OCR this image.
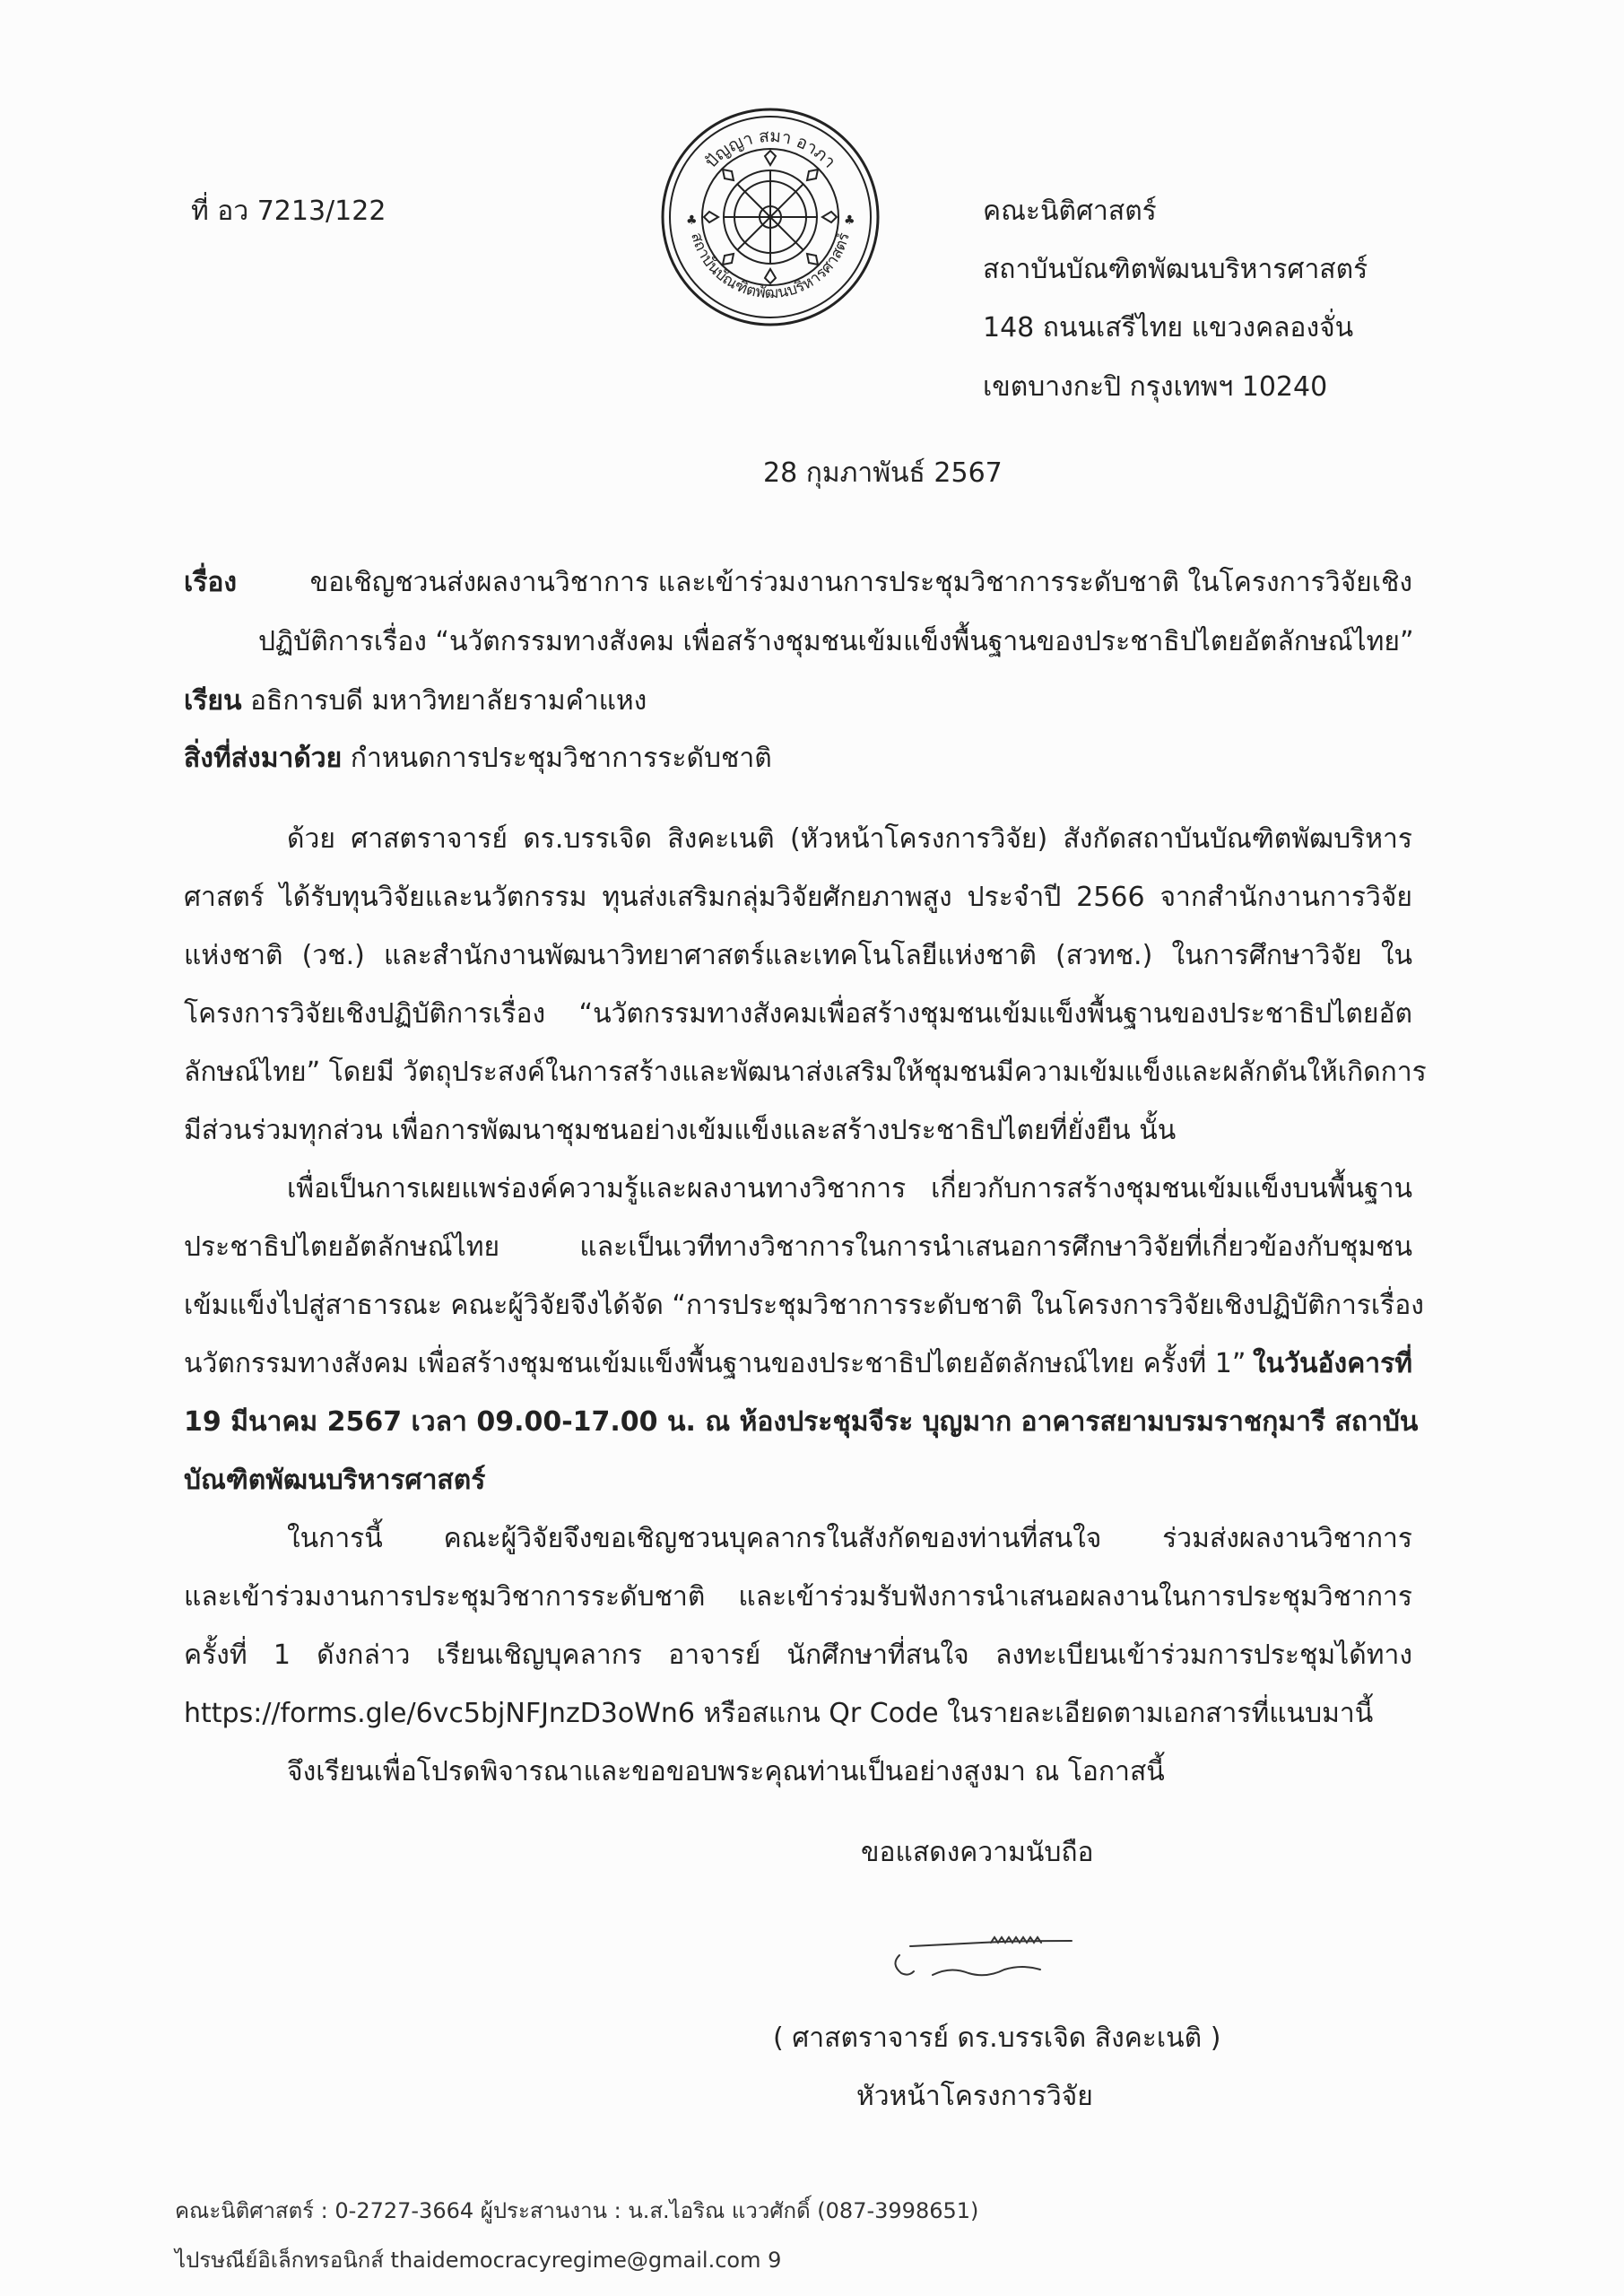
ที่ อว 7213/122
ปัญญา สมา อาภา
สถาบันบัณฑิตพัฒนบริหารศาสตร์
♣	♣	คณะนิติศาสตร์
สถาบันบัณฑิตพัฒนบริหารศาสตร์
148 ถนนเสรีไทย แขวงคลองจั่น
เขตบางกะปิ กรุงเทพฯ 10240
28 กุมภาพันธ์ 2567
เรื่อง	ขอเชิญชวนส่งผลงานวิชาการ และเข้าร่วมงานการประชุมวิชาการระดับชาติ ในโครงการวิจัยเชิง
ปฏิบัติการเรื่อง “นวัตกรรมทางสังคม เพื่อสร้างชุมชนเข้มแข็งพื้นฐานของประชาธิปไตยอัตลักษณ์ไทย”
เรียน อธิการบดี มหาวิทยาลัยรามคำแหง
สิ่งที่ส่งมาด้วย กำหนดการประชุมวิชาการระดับชาติ
ด้วย ศาสตราจารย์ ดร.บรรเจิด สิงคะเนติ (หัวหน้าโครงการวิจัย) สังกัดสถาบันบัณฑิตพัฒบริหาร
ศาสตร์ ได้รับทุนวิจัยและนวัตกรรม ทุนส่งเสริมกลุ่มวิจัยศักยภาพสูง ประจำปี 2566 จากสำนักงานการวิจัย
แห่งชาติ (วช.) และสำนักงานพัฒนาวิทยาศาสตร์และเทคโนโลยีแห่งชาติ (สวทช.) ในการศึกษาวิจัย ใน
โครงการวิจัยเชิงปฏิบัติการเรื่อง “นวัตกรรมทางสังคมเพื่อสร้างชุมชนเข้มแข็งพื้นฐานของประชาธิปไตยอัต
ลักษณ์ไทย” โดยมี วัตถุประสงค์ในการสร้างและพัฒนาส่งเสริมให้ชุมชนมีความเข้มแข็งและผลักดันให้เกิดการ
มีส่วนร่วมทุกส่วน เพื่อการพัฒนาชุมชนอย่างเข้มแข็งและสร้างประชาธิปไตยที่ยั่งยืน นั้น
เพื่อเป็นการเผยแพร่องค์ความรู้และผลงานทางวิชาการ เกี่ยวกับการสร้างชุมชนเข้มแข็งบนพื้นฐาน
ประชาธิปไตยอัตลักษณ์ไทย และเป็นเวทีทางวิชาการในการนำเสนอการศึกษาวิจัยที่เกี่ยวข้องกับชุมชน
เข้มแข็งไปสู่สาธารณะ คณะผู้วิจัยจึงได้จัด “การประชุมวิชาการระดับชาติ ในโครงการวิจัยเชิงปฏิบัติการเรื่อง
นวัตกรรมทางสังคม เพื่อสร้างชุมชนเข้มแข็งพื้นฐานของประชาธิปไตยอัตลักษณ์ไทย ครั้งที่ 1” ในวันอังคารที่
19 มีนาคม 2567 เวลา 09.00-17.00 น. ณ ห้องประชุมจีระ บุญมาก อาคารสยามบรมราชกุมารี สถาบัน
บัณฑิตพัฒนบริหารศาสตร์
ในการนี้ คณะผู้วิจัยจึงขอเชิญชวนบุคลากรในสังกัดของท่านที่สนใจ ร่วมส่งผลงานวิชาการ
และเข้าร่วมงานการประชุมวิชาการระดับชาติ และเข้าร่วมรับฟังการนำเสนอผลงานในการประชุมวิชาการ
ครั้งที่ 1 ดังกล่าว เรียนเชิญบุคลากร อาจารย์ นักศึกษาที่สนใจ ลงทะเบียนเข้าร่วมการประชุมได้ทาง
https://forms.gle/6vc5bjNFJnzD3oWn6 หรือสแกน Qr Code ในรายละเอียดตามเอกสารที่แนบมานี้
จึงเรียนเพื่อโปรดพิจารณาและขอขอบพระคุณท่านเป็นอย่างสูงมา ณ โอกาสนี้
ขอแสดงความนับถือ
( ศาสตราจารย์ ดร.บรรเจิด สิงคะเนติ )
หัวหน้าโครงการวิจัย
คณะนิติศาสตร์ : 0-2727-3664 ผู้ประสานงาน : น.ส.ไอริณ แววศักดิ์ (087-3998651)
ไปรษณีย์อิเล็กทรอนิกส์ thaidemocracyregime@gmail.com 9
